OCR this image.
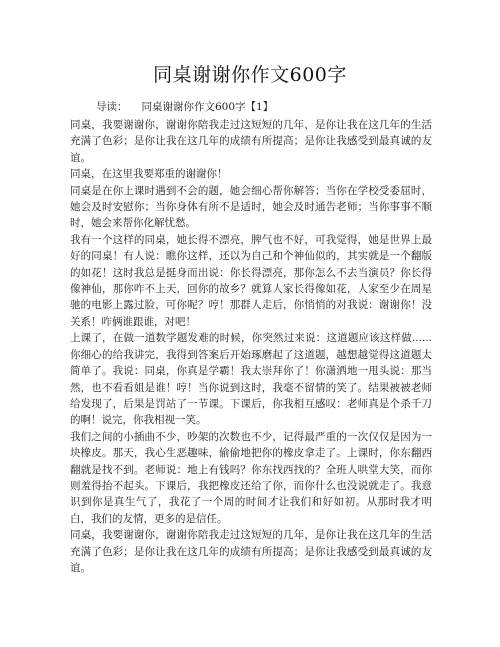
同桌谢谢你作文600字
导读： 同桌谢谢你作文600字【1】

同桌，我要谢谢你，谢谢你陪我走过这短短的几年，是你让我在这几年的生活充满了色彩；是你让我在这几年的成绩有所提高；是你让我感受到最真诚的友谊。

同桌，在这里我要郑重的谢谢你！

同桌是在你上课时遇到不会的题，她会细心帮你解答；当你在学校受委屈时，她会及时安慰你；当你身体有所不是适时，她会及时通告老师；当你事事不顺时，她会来帮你化解忧愁。

我有一个这样的同桌，她长得不漂亮，脾气也不好，可我觉得，她是世界上最好的同桌！有人说：瞧你这样，还以为自己和个神仙似的，其实就是一个翻版的如花！这时我总是挺身而出说：你长得漂亮，那你怎么不去当演员？你长得像神仙，那你咋不上天，回你的故乡？就算人家长得像如花，人家至少在周星驰的电影上露过脸，可你呢？哼！那群人走后，你悄悄的对我说：谢谢你！没关系！咋俩谁跟谁，对吧！

上课了，在做一道数学题发难的时候，你突然过来说：这道题应该这样做......你细心的给我讲完，我得到答案后开始琢磨起了这道题，越想越觉得这道题太简单了。我说：同桌，你真是学霸！我太崇拜你了！你潇洒地一甩头说：那当然，也不看看姐是谁！哼！当你说到这时，我毫不留情的笑了。结果被被老师给发现了，后果是罚站了一节课。下课后，你我相互感叹：老师真是个杀千刀的啊！说完，你我相视一笑。

我们之间的小插曲不少，吵架的次数也不少，记得最严重的一次仅仅是因为一块橡皮。那天，我心生恶趣味，偷偷地把你的橡皮拿走了。上课时，你东翻西翻就是找不到。老师说：地上有钱吗？你东找西找的？全班人哄堂大笑，而你则羞得抬不起头。下课后，我把橡皮还给了你，而你什么也没说就走了。我意识到你是真生气了，我花了一个周的时间才让我们和好如初。从那时我才明白，我们的友情，更多的是信任。

同桌，我要谢谢你，谢谢你陪我走过这短短的几年，是你让我在这几年的生活充满了色彩；是你让我在这几年的成绩有所提高；是你让我感受到最真诚的友谊。
